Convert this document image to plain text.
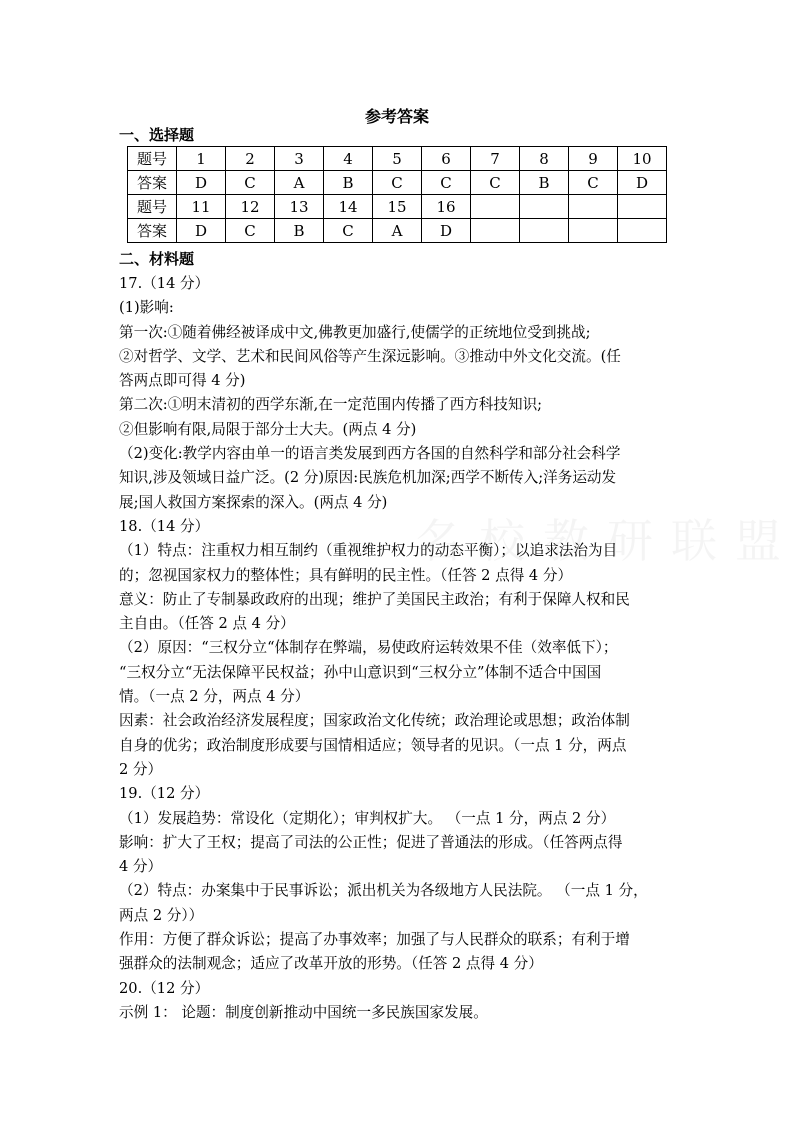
参考答案
一、选择题
题号	1	2	3	4	5	6	7	8	9	10
答案	D	C	A	B	C	C	C	B	C	D
题号	11	12	13	14	15	16				
答案	D	C	B	C	A	D				
二、材料题
17.（14 分）
(1)影响:
第一次:①随着佛经被译成中文,佛教更加盛行,使儒学的正统地位受到挑战;
②对哲学、文学、艺术和民间风俗等产生深远影响。③推动中外文化交流。(任
答两点即可得 4 分)
第二次:①明末清初的西学东渐,在一定范围内传播了西方科技知识;
②但影响有限,局限于部分士大夫。(两点 4 分)
（2)变化:教学内容由单一的语言类发展到西方各国的自然科学和部分社会科学
知识,涉及领域日益广泛。(2 分)原因:民族危机加深;西学不断传入;洋务运动发
展;国人救国方案探索的深入。(两点 4 分)
18.（14 分）
（1）特点：注重权力相互制约（重视维护权力的动态平衡）；以追求法治为目
的；忽视国家权力的整体性；具有鲜明的民主性。（任答 2 点得 4 分）
意义：防止了专制暴政政府的出现；维护了美国民主政治；有利于保障人权和民
主自由。（任答 2 点 4 分）
（2）原因：“三权分立“体制存在弊端，易使政府运转效果不佳（效率低下）；
“三权分立“无法保障平民权益；孙中山意识到“三权分立”体制不适合中国国
情。（一点 2 分，两点 4 分）
因素：社会政治经济发展程度；国家政治文化传统；政治理论或思想；政治体制
自身的优劣；政治制度形成要与国情相适应；领导者的见识。（一点 1 分，两点
2 分）
19.（12 分）
（1）发展趋势：常设化（定期化）；审判权扩大。 （一点 1 分，两点 2 分）
影响：扩大了王权；提高了司法的公正性；促进了普通法的形成。（任答两点得
4 分）
（2）特点：办案集中于民事诉讼；派出机关为各级地方人民法院。 （一点 1 分，
两点 2 分））
作用：方便了群众诉讼；提高了办事效率；加强了与人民群众的联系；有利于增
强群众的法制观念；适应了改革开放的形势。（任答 2 点得 4 分）
20.（12 分）
示例 1： 论题：制度创新推动中国统一多民族国家发展。
